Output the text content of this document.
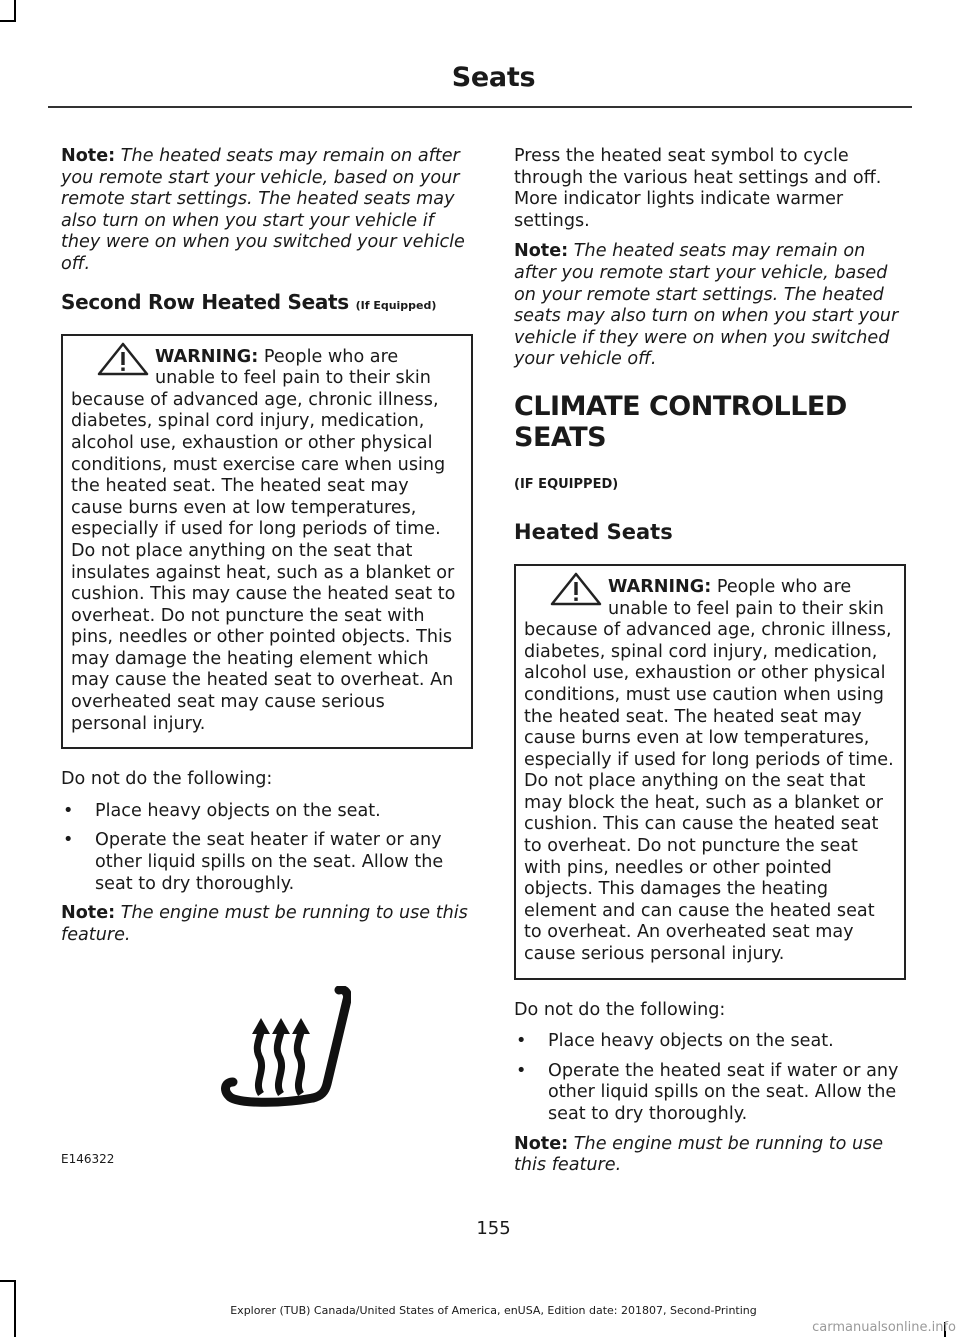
Seats

Note: The heated seats may remain on after you remote start your vehicle, based on your remote start settings. The heated seats may also turn on when you start your vehicle if they were on when you switched your vehicle off.

Second Row Heated Seats (If Equipped)

WARNING: People who are unable to feel pain to their skin because of advanced age, chronic illness, diabetes, spinal cord injury, medication, alcohol use, exhaustion or other physical conditions, must exercise care when using the heated seat. The heated seat may cause burns even at low temperatures, especially if used for long periods of time. Do not place anything on the seat that insulates against heat, such as a blanket or cushion. This may cause the heated seat to overheat. Do not puncture the seat with pins, needles or other pointed objects. This may damage the heating element which may cause the heated seat to overheat. An overheated seat may cause serious personal injury.

Do not do the following:

• Place heavy objects on the seat.
• Operate the seat heater if water or any other liquid spills on the seat. Allow the seat to dry thoroughly.

Note: The engine must be running to use this feature.

E146322

Press the heated seat symbol to cycle through the various heat settings and off. More indicator lights indicate warmer settings.

Note: The heated seats may remain on after you remote start your vehicle, based on your remote start settings. The heated seats may also turn on when you start your vehicle if they were on when you switched your vehicle off.

CLIMATE CONTROLLED SEATS
(IF EQUIPPED)
Heated Seats

WARNING: People who are unable to feel pain to their skin because of advanced age, chronic illness, diabetes, spinal cord injury, medication, alcohol use, exhaustion or other physical conditions, must use caution when using the heated seat. The heated seat may cause burns even at low temperatures, especially if used for long periods of time. Do not place anything on the seat that may block the heat, such as a blanket or cushion. This can cause the heated seat to overheat. Do not puncture the seat with pins, needles or other pointed objects. This damages the heating element and can cause the heated seat to overheat. An overheated seat may cause serious personal injury.

Do not do the following:

• Place heavy objects on the seat.
• Operate the heated seat if water or any other liquid spills on the seat. Allow the seat to dry thoroughly.

Note: The engine must be running to use this feature.

155
Explorer (TUB) Canada/United States of America, enUSA, Edition date: 201807, Second-Printing
carmanualsonline.info
